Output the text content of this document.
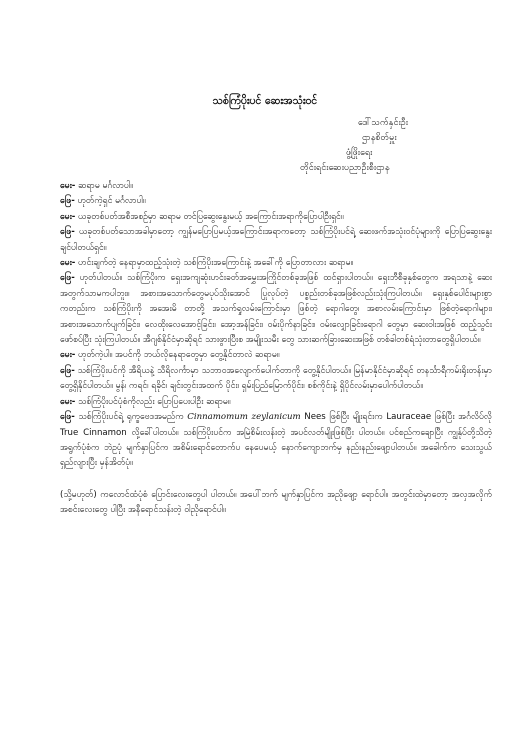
သစ်ကြံပိုးပင် ဆေးအသုံးဝင်
ဒေါ်သက်နှင်းဦး
ဌာနစိတ်မှူး
ဖွံ့ဖြိုးရေး
တိုင်းရင်းဆေးပညာဦးစီးဌာန

မေး- ဆရာမ မင်္ဂလာပါ။

ဖြေ- ဟုတ်ကဲ့ရှင် မင်္ဂလာပါ။

မေး- ယခုတစ်ပတ်အစီအစဉ်မှာ ဆရာမ တင်ပြဆွေးနွေးမယ့် အကြောင်းအရာကိုပြောပါဦးရှင်။

ဖြေ- ယခုတစ်ပတ်သောအခါမှာတော့ ကျွန်မပြောပြမယ့်အကြောင်းအရာကတော့ သစ်ကြံပိုးပင်ရဲ့ ဆေးဖက်အသုံးဝင်ပုံများကို ပြောပြဆွေးနွေးချင်ပါတယ်ရှင်။

မေး- ဟင်းချက်တဲ့ နေရာမှာထည့်သုံးတဲ့ သစ်ကြံပိုးအကြောင်းနဲ့ အခေါ်ကို ပြောတာလား ဆရာမ။

ဖြေ- ဟုတ်ပါတယ်။ သစ်ကြံပိုးက ရှေးအကျဆုံးဟင်းခတ်အမွှေးအကြိုင်တစ်ခုအဖြစ် ထင်ရှားပါတယ်။ ရှေးဘီစီခုနှစ်တွေက အရသာနဲ့ ဆေးအတွက်သာမကပါဘူး။ အစားအသောက်တွေမပုပ်သိုးအောင် ပြုလုပ်တဲ့ ပစ္စည်းတစ်ခုအဖြစ်လည်းသုံးကြပါတယ်။ ရှေးနှစ်ပေါင်းများစွာကတည်းက သစ်ကြံပိုးကို အအေးမိ တာတို့ အသက်ရှုလမ်းကြောင်းမှာ ဖြစ်တဲ့ ရောဂါတွေ၊ အစာလမ်းကြောင်းမှာ ဖြစ်တဲ့ရောဂါများ၊ အစားအသောက်ပျက်ခြင်း၊ လေထိုးလေအောင့်ခြင်း၊ အော့အန်ခြင်း၊ ဝမ်းပိုက်နာခြင်း၊ ဝမ်းလျှောခြင်းရောဂါ တွေမှာ ဆေးဝါးအဖြစ် ထည့်သွင်းဖော်စပ်ပြီး သုံးကြပါတယ်။ အီဂျစ်နိုင်ငံမှာဆိုရင် သားဖွားပြီးစ အမျိုးသမီး တွေ သားဆက်ခြားဆေးအဖြစ် တစ်ခါတစ်ရံသုံးတာတွေရှိပါတယ်။

မေး- ဟုတ်ကဲ့ပါ။ အပင်ကို ဘယ်လိုနေရာတွေမှာ တွေ့နိုင်တာလဲ ဆရာမ။

ဖြေ- သစ်ကြံပိုးပင်ကို အီရိယနဲ့ သီရိလင်္ကာမှာ သဘာဝအလျောက်ပေါက်တာကို တွေ့နိုင်ပါတယ်။ မြန်မာနိုင်ငံမှာဆိုရင် တနင်္သာရီကမ်းရိုးတန်းမှာ တွေ့ရှိနိုင်ပါတယ်။ မွန်၊ ကရင်၊ ရခိုင်၊ ချင်းတွင်းအထက် ပိုင်း၊ ရှမ်းပြည်မြောက်ပိုင်း၊ စစ်ကိုင်းနဲ့ ရှိပိုင်လမ်းမှာပေါက်ပါတယ်။

မေး- သစ်ကြံပိုးပင်ပုံစံကိုလည်း ပြောပြပေးပါဦး ဆရာမ။

ဖြေ- သစ်ကြံပိုးပင်ရဲ့ ရုက္ခဗေဒအမည်က Cinnamomum zeylanicum Nees ဖြစ်ပြီး မျိုးရင်းက Lauraceae ဖြစ်ပြီး အင်္ဂလိပ်လို True Cinnamon လို့ခေါ်ပါတယ်။ သစ်ကြံပိုးပင်က အမြဲစိမ်းလန်းတဲ့ အပင်လတ်မျိုးဖြစ်ပြီး ပါတယ်။ ပင်စည်ကချောပြီး ကျွန်ုပ်တို့သိတဲ့ အရွက်ပုံစံက ဘဲဥပုံ မျက်နှာပြင်က အစိမ်းရောင်တောက်ပ နေပေမယ့် နောက်ကျောဘက်မှ နည်းနည်းဖျော့ပါတယ်။ အခေါက်က သေးသွယ်ရှည်လျားပြီး မှန်အိတ်ပုံ။

(သို့မဟုတ်) ကလောင်ထံပုံစံ ပြောင်းလေးတွေပါ ပါတယ်။ အပေါ်ဘက် မျက်နှာပြင်က အညိုဖျော့ ရောင်ပါ။ အတွင်းထဲမှာတော့ အလှအလိုက် အစင်းလေးတွေ ပါပြီး အနီရောင်သန်းတဲ့ ဝါညိုရောင်ပါ။
